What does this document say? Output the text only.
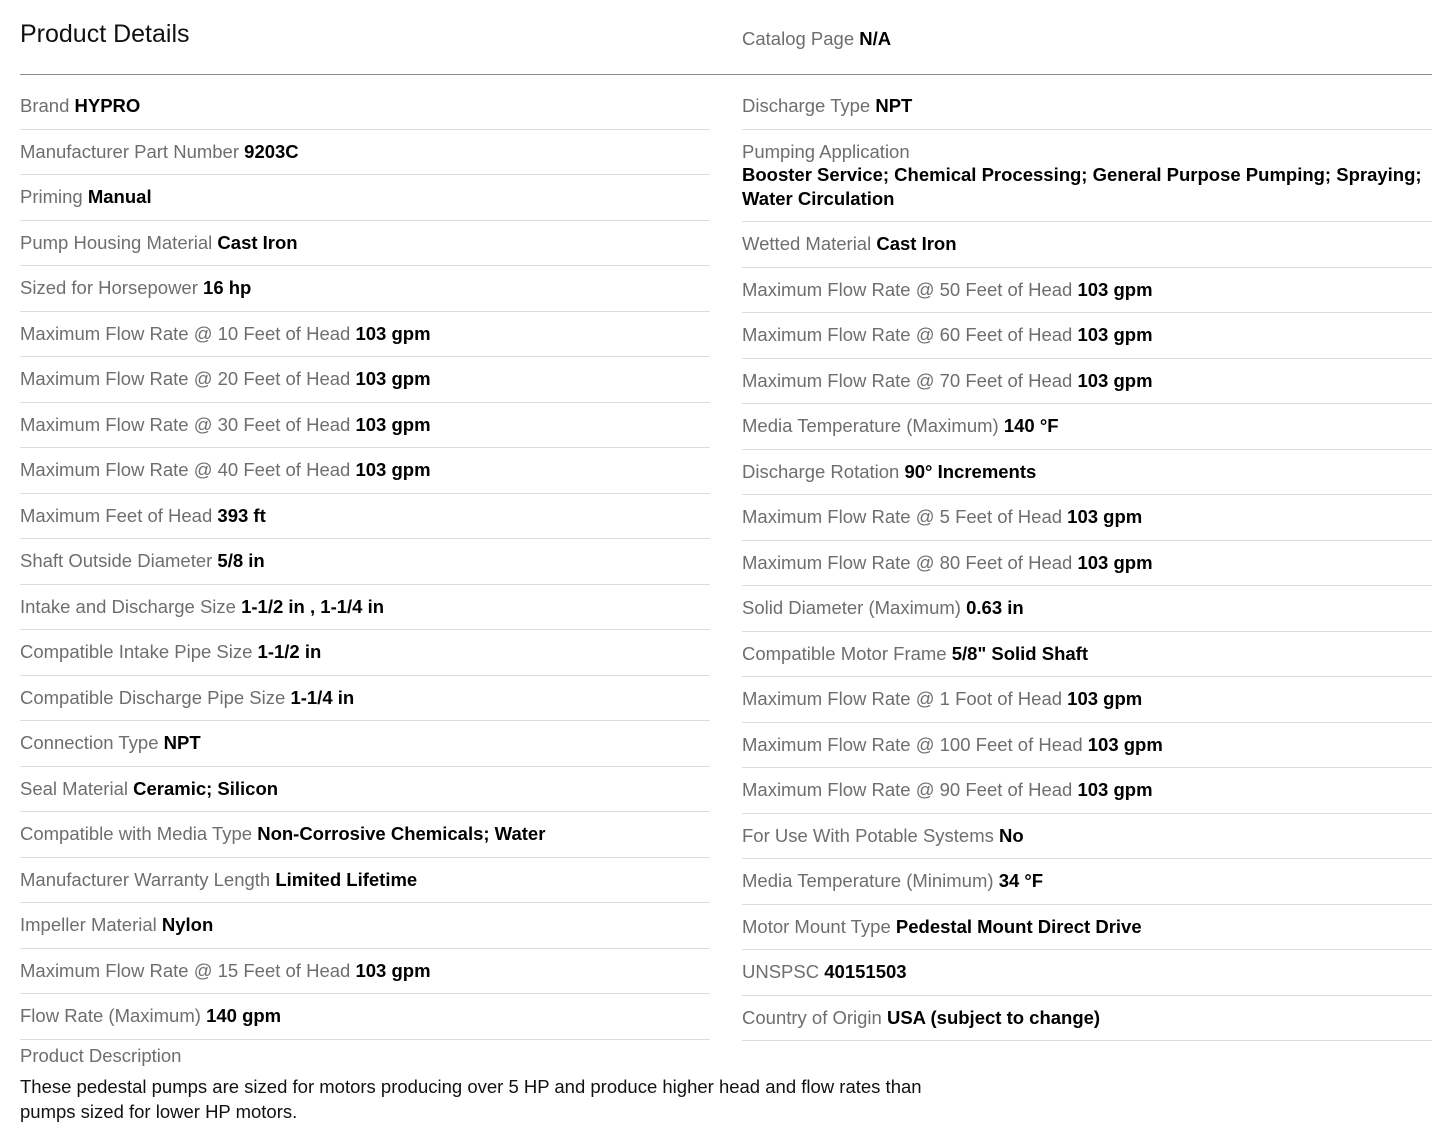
Product Details	Catalog Page N/A
Brand HYPRO
Manufacturer Part Number 9203C
Priming Manual
Pump Housing Material Cast Iron
Sized for Horsepower 16 hp
Maximum Flow Rate @ 10 Feet of Head 103 gpm
Maximum Flow Rate @ 20 Feet of Head 103 gpm
Maximum Flow Rate @ 30 Feet of Head 103 gpm
Maximum Flow Rate @ 40 Feet of Head 103 gpm
Maximum Feet of Head 393 ft
Shaft Outside Diameter 5/8 in
Intake and Discharge Size 1-1/2 in , 1-1/4 in
Compatible Intake Pipe Size 1-1/2 in
Compatible Discharge Pipe Size 1-1/4 in
Connection Type NPT
Seal Material Ceramic; Silicon
Compatible with Media Type Non-Corrosive Chemicals; Water
Manufacturer Warranty Length Limited Lifetime
Impeller Material Nylon
Maximum Flow Rate @ 15 Feet of Head 103 gpm
Flow Rate (Maximum) 140 gpm
Discharge Type NPT
Pumping Application
Booster Service; Chemical Processing; General Purpose Pumping; Spraying; Water Circulation
Wetted Material Cast Iron
Maximum Flow Rate @ 50 Feet of Head 103 gpm
Maximum Flow Rate @ 60 Feet of Head 103 gpm
Maximum Flow Rate @ 70 Feet of Head 103 gpm
Media Temperature (Maximum) 140 °F
Discharge Rotation 90° Increments
Maximum Flow Rate @ 5 Feet of Head 103 gpm
Maximum Flow Rate @ 80 Feet of Head 103 gpm
Solid Diameter (Maximum) 0.63 in
Compatible Motor Frame 5/8" Solid Shaft
Maximum Flow Rate @ 1 Foot of Head 103 gpm
Maximum Flow Rate @ 100 Feet of Head 103 gpm
Maximum Flow Rate @ 90 Feet of Head 103 gpm
For Use With Potable Systems No
Media Temperature (Minimum) 34 °F
Motor Mount Type Pedestal Mount Direct Drive
UNSPSC 40151503
Country of Origin USA (subject to change)
Product Description
These pedestal pumps are sized for motors producing over 5 HP and produce higher head and flow rates than pumps sized for lower HP motors.
